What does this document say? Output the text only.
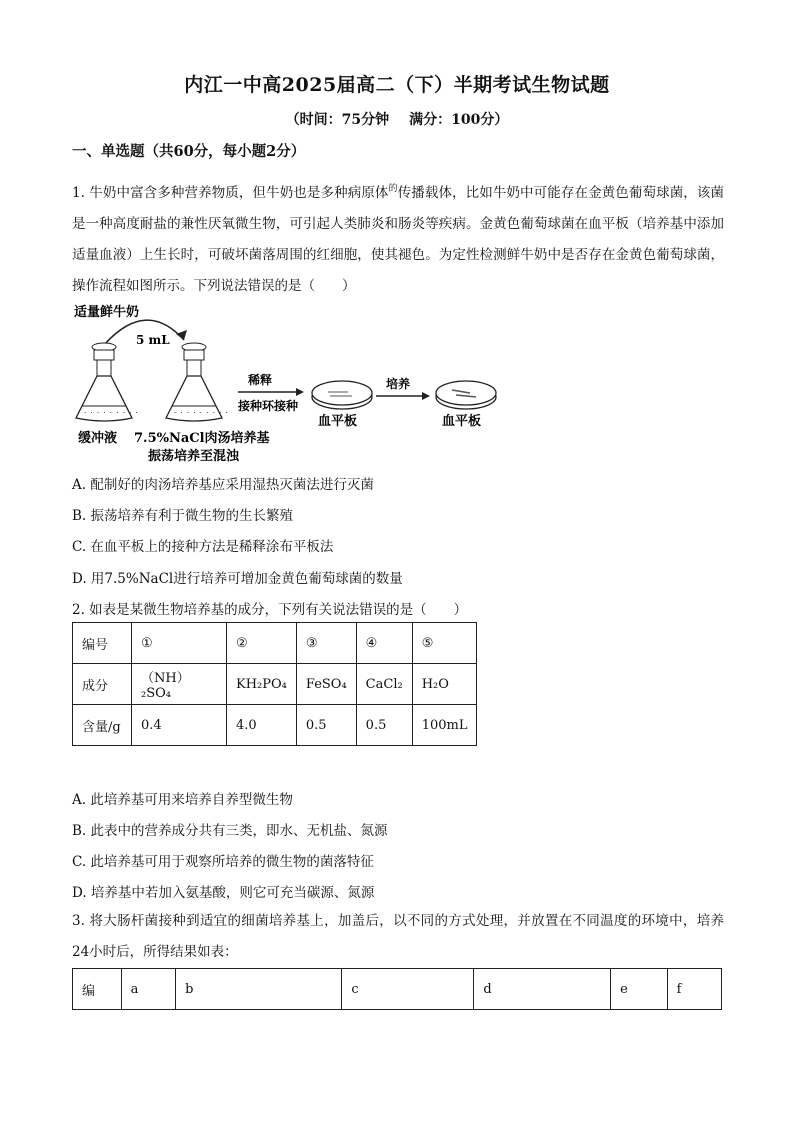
内江一中高2025届高二（下）半期考试生物试题
（时间：75分钟 满分：100分）
一、单选题（共60分，每小题2分）
1. 牛奶中富含多种营养物质，但牛奶也是多种病原体$^的$传播载体，比如牛奶中可能存在金黄色葡萄球菌，该菌是一种高度耐盐的兼性厌氧微生物，可引起人类肺炎和肠炎等疾病。金黄色葡萄球菌在血平板（培养基中添加适量血液）上生长时，可破坏菌落周围的红细胞，使其褪色。为定性检测鲜牛奶中是否存在金黄色葡萄球菌，操作流程如图所示。下列说法错误的是（　　）
适量鲜牛奶
5 mL
· · · · · · · · ·	· · · · · · · · ·
稀释
接种环接种
血平板
培养
血平板
缓冲液 7.5%NaCl肉汤培养基
振荡培养至混浊
A. 配制好的肉汤培养基应采用湿热灭菌法进行灭菌
B. 振荡培养有利于微生物的生长繁殖
C. 在血平板上的接种方法是稀释涂布平板法
D. 用7.5%NaCl进行培养可增加金黄色葡萄球菌的数量
2. 如表是某微生物培养基的成分，下列有关说法错误的是（　　）
编号	①	②	③	④	⑤
成分	（NH）₂SO₄	KH₂PO₄	FeSO₄	CaCl₂	H₂O
含量/g	0.4	4.0	0.5	0.5	100mL
A. 此培养基可用来培养自养型微生物
B. 此表中的营养成分共有三类，即水、无机盐、氮源
C. 此培养基可用于观察所培养的微生物的菌落特征
D. 培养基中若加入氨基酸，则它可充当碳源、氮源
3. 将大肠杆菌接种到适宜的细菌培养基上，加盖后，以不同的方式处理，并放置在不同温度的环境中，培养24小时后，所得结果如表：
编	a	b	c	d	e	f
